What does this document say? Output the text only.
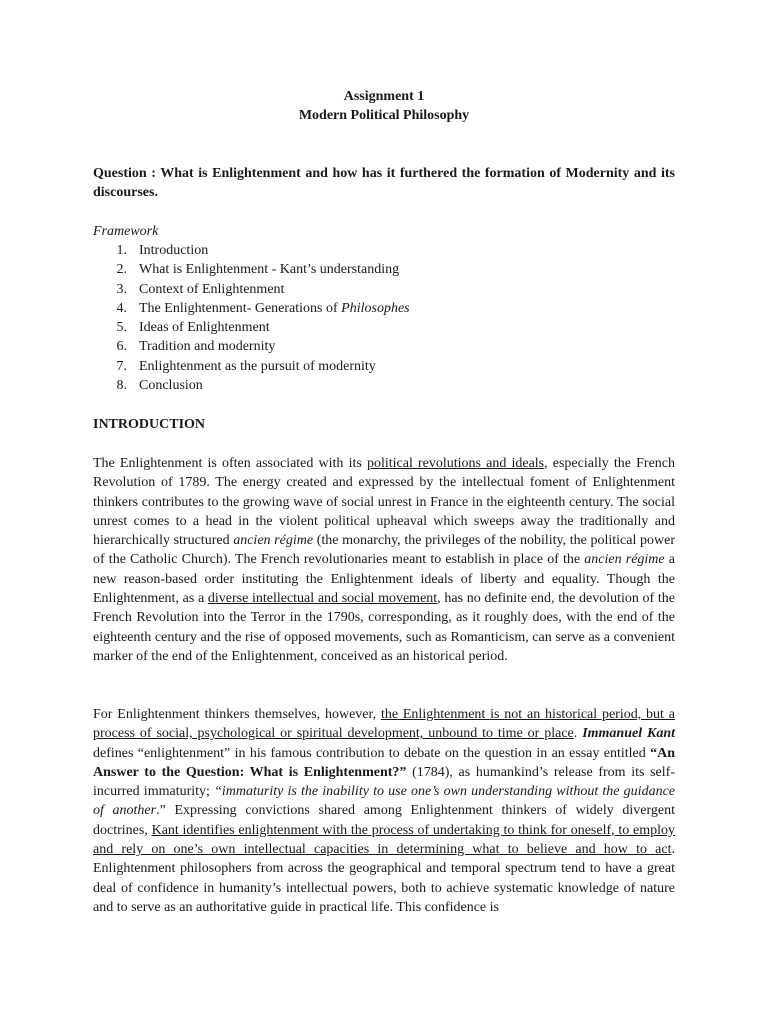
Assignment 1
Modern Political Philosophy
Question : What is Enlightenment and how has it furthered the formation of Modernity and its discourses.
Framework
1. Introduction
2. What is Enlightenment - Kant’s understanding
3. Context of Enlightenment
4. The Enlightenment- Generations of Philosophes
5. Ideas of Enlightenment
6. Tradition and modernity
7. Enlightenment as the pursuit of modernity
8. Conclusion
INTRODUCTION
The Enlightenment is often associated with its political revolutions and ideals, especially the French Revolution of 1789. The energy created and expressed by the intellectual foment of Enlightenment thinkers contributes to the growing wave of social unrest in France in the eighteenth century. The social unrest comes to a head in the violent political upheaval which sweeps away the traditionally and hierarchically structured ancien régime (the monarchy, the privileges of the nobility, the political power of the Catholic Church). The French revolutionaries meant to establish in place of the ancien régime a new reason-based order instituting the Enlightenment ideals of liberty and equality. Though the Enlightenment, as a diverse intellectual and social movement, has no definite end, the devolution of the French Revolution into the Terror in the 1790s, corresponding, as it roughly does, with the end of the eighteenth century and the rise of opposed movements, such as Romanticism, can serve as a convenient marker of the end of the Enlightenment, conceived as an historical period.
For Enlightenment thinkers themselves, however, the Enlightenment is not an historical period, but a process of social, psychological or spiritual development, unbound to time or place. Immanuel Kant defines “enlightenment” in his famous contribution to debate on the question in an essay entitled “An Answer to the Question: What is Enlightenment?” (1784), as humankind’s release from its self-incurred immaturity; “immaturity is the inability to use one’s own understanding without the guidance of another.” Expressing convictions shared among Enlightenment thinkers of widely divergent doctrines, Kant identifies enlightenment with the process of undertaking to think for oneself, to employ and rely on one’s own intellectual capacities in determining what to believe and how to act. Enlightenment philosophers from across the geographical and temporal spectrum tend to have a great deal of confidence in humanity’s intellectual powers, both to achieve systematic knowledge of nature and to serve as an authoritative guide in practical life. This confidence is
